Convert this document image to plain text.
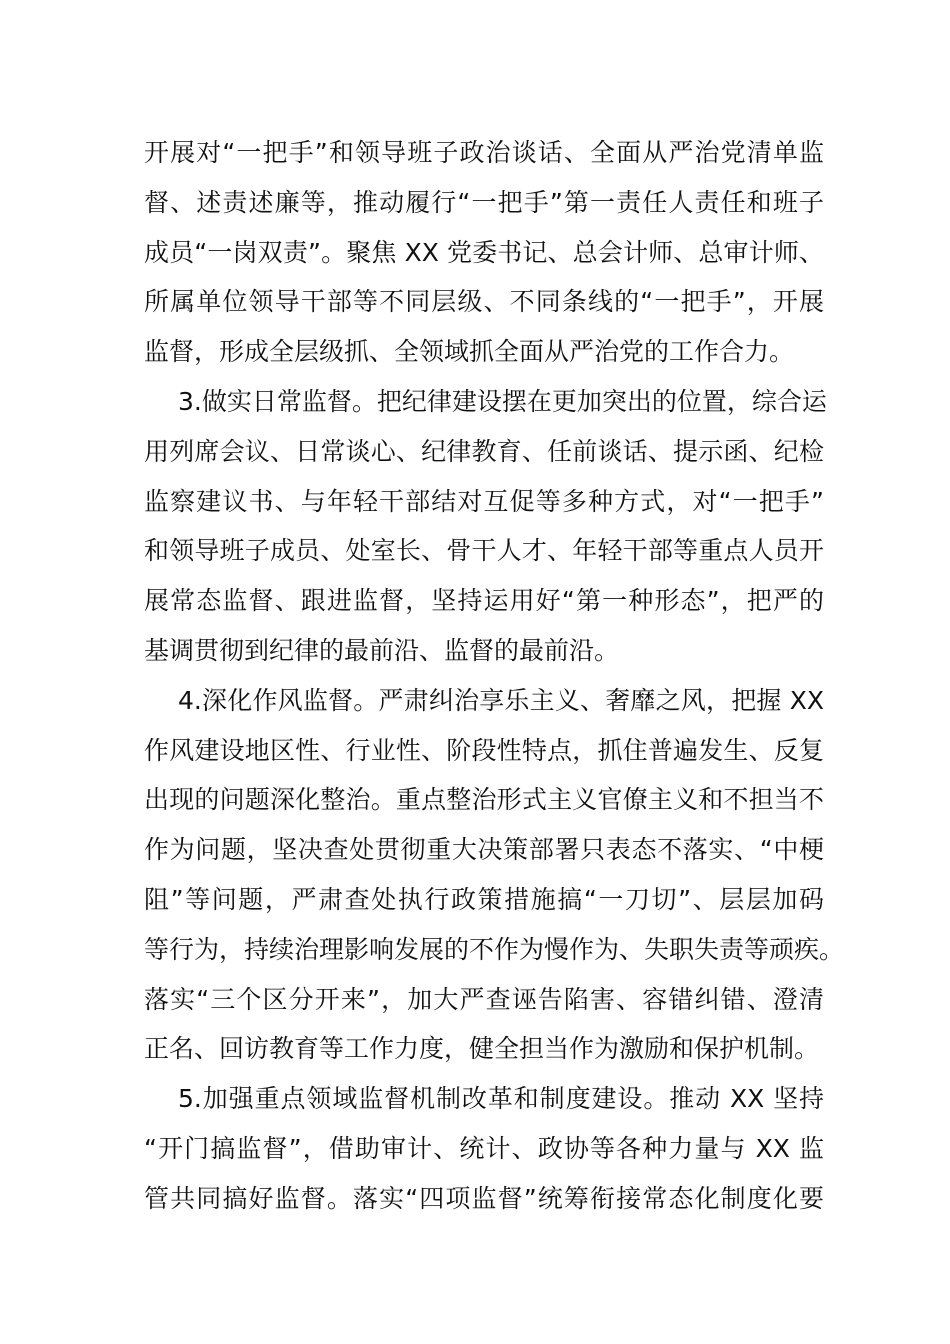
开展对“一把手”和领导班子政治谈话、全面从严治党清单监
督、述责述廉等，推动履行“一把手”第一责任人责任和班子
成员“一岗双责”。聚焦 XX 党委书记、总会计师、总审计师、
所属单位领导干部等不同层级、不同条线的“一把手”，开展
监督，形成全层级抓、全领域抓全面从严治党的工作合力。
3.做实日常监督。把纪律建设摆在更加突出的位置，综合运
用列席会议、日常谈心、纪律教育、任前谈话、提示函、纪检
监察建议书、与年轻干部结对互促等多种方式，对“一把手”
和领导班子成员、处室长、骨干人才、年轻干部等重点人员开
展常态监督、跟进监督，坚持运用好“第一种形态”，把严的
基调贯彻到纪律的最前沿、监督的最前沿。
4.深化作风监督。严肃纠治享乐主义、奢靡之风，把握 XX
作风建设地区性、行业性、阶段性特点，抓住普遍发生、反复
出现的问题深化整治。重点整治形式主义官僚主义和不担当不
作为问题，坚决查处贯彻重大决策部署只表态不落实、“中梗
阻”等问题，严肃查处执行政策措施搞“一刀切”、层层加码
等行为，持续治理影响发展的不作为慢作为、失职失责等顽疾。
落实“三个区分开来”，加大严查诬告陷害、容错纠错、澄清
正名、回访教育等工作力度，健全担当作为激励和保护机制。
5.加强重点领域监督机制改革和制度建设。推动 XX 坚持
“开门搞监督”，借助审计、统计、政协等各种力量与 XX 监
管共同搞好监督。落实“四项监督”统筹衔接常态化制度化要
